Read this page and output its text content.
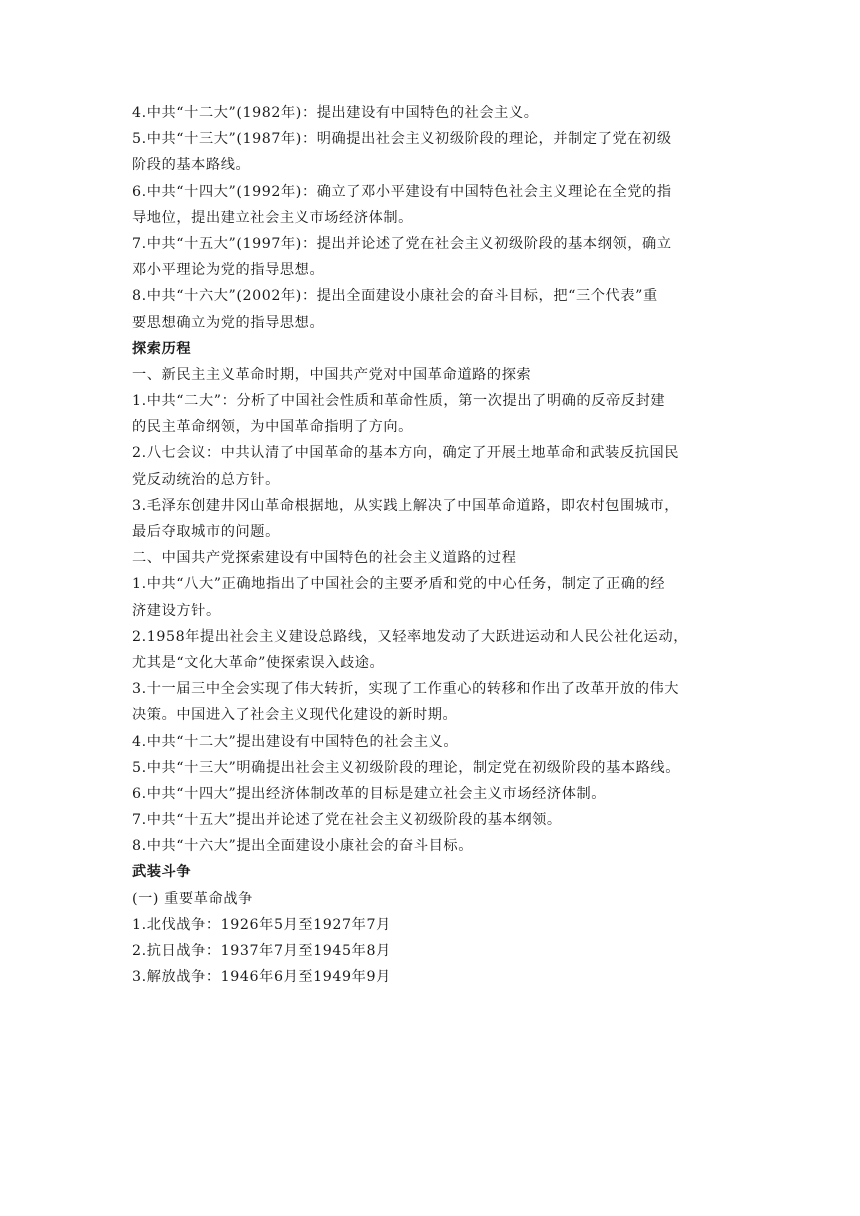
4.中共“十二大”(1982年)：提出建设有中国特色的社会主义。
5.中共“十三大”(1987年)：明确提出社会主义初级阶段的理论，并制定了党在初级
阶段的基本路线。
6.中共“十四大”(1992年)：确立了邓小平建设有中国特色社会主义理论在全党的指
导地位，提出建立社会主义市场经济体制。
7.中共“十五大”(1997年)：提出并论述了党在社会主义初级阶段的基本纲领，确立
邓小平理论为党的指导思想。
8.中共“十六大”(2002年)：提出全面建设小康社会的奋斗目标，把“三个代表”重
要思想确立为党的指导思想。
探索历程
一、新民主主义革命时期，中国共产党对中国革命道路的探索
1.中共“二大”：分析了中国社会性质和革命性质，第一次提出了明确的反帝反封建
的民主革命纲领，为中国革命指明了方向。
2.八七会议：中共认清了中国革命的基本方向，确定了开展土地革命和武装反抗国民
党反动统治的总方针。
3.毛泽东创建井冈山革命根据地，从实践上解决了中国革命道路，即农村包围城市，
最后夺取城市的问题。
二、中国共产党探索建设有中国特色的社会主义道路的过程
1.中共“八大”正确地指出了中国社会的主要矛盾和党的中心任务，制定了正确的经
济建设方针。
2.1958年提出社会主义建设总路线，又轻率地发动了大跃进运动和人民公社化运动，
尤其是“文化大革命”使探索误入歧途。
3.十一届三中全会实现了伟大转折，实现了工作重心的转移和作出了改革开放的伟大
决策。中国进入了社会主义现代化建设的新时期。
4.中共“十二大”提出建设有中国特色的社会主义。
5.中共“十三大”明确提出社会主义初级阶段的理论，制定党在初级阶段的基本路线。
6.中共“十四大”提出经济体制改革的目标是建立社会主义市场经济体制。
7.中共“十五大”提出并论述了党在社会主义初级阶段的基本纲领。
8.中共“十六大”提出全面建设小康社会的奋斗目标。
武装斗争
(一) 重要革命战争
1.北伐战争：1926年5月至1927年7月
2.抗日战争：1937年7月至1945年8月
3.解放战争：1946年6月至1949年9月
